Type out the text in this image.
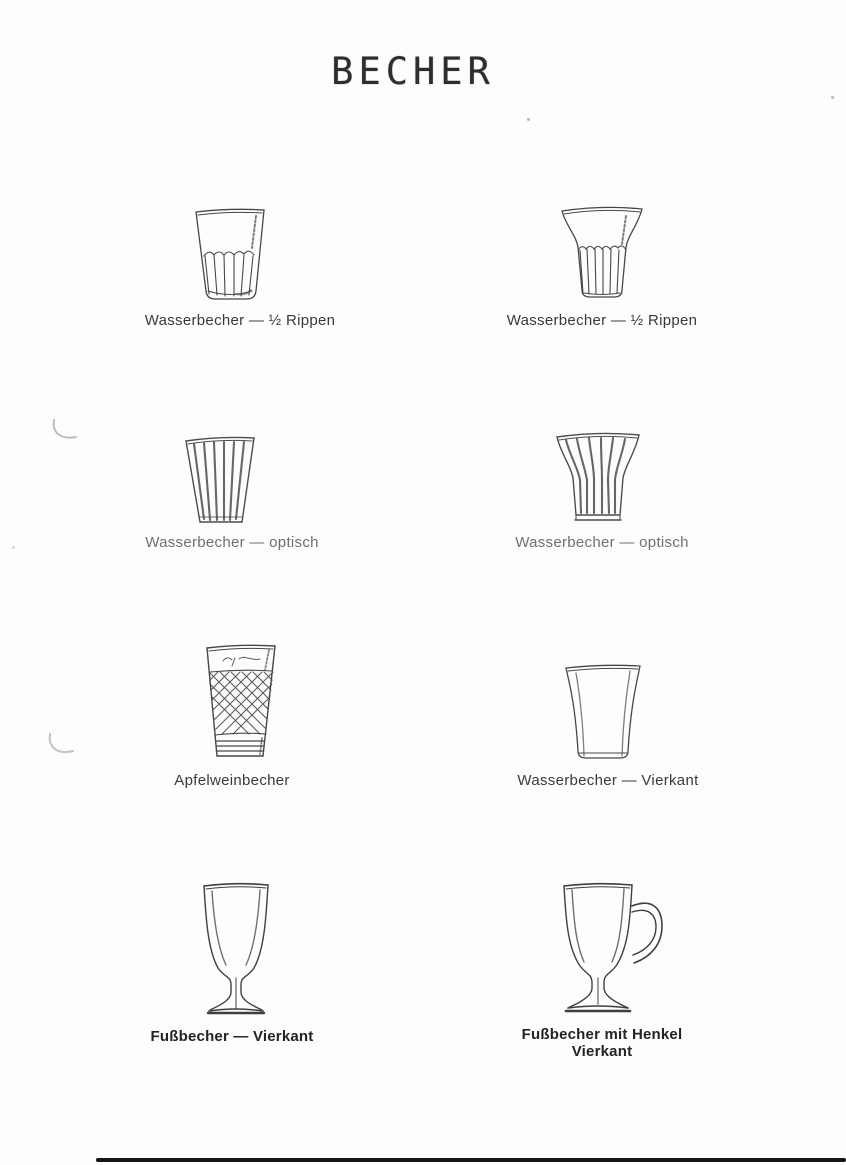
BECHER
Wasserbecher — ½ Rippen	Wasserbecher — ½ Rippen
Wasserbecher — optisch	Wasserbecher — optisch
Apfelweinbecher	Wasserbecher — Vierkant
Fußbecher — Vierkant	Fußbecher mit Henkel
Vierkant
